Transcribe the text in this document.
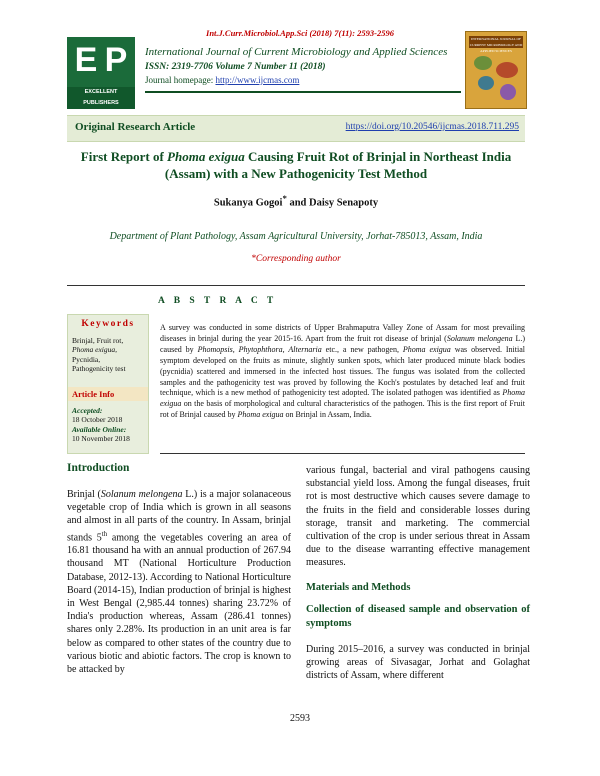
Int.J.Curr.Microbiol.App.Sci (2018) 7(11): 2593-2596
E P
EXCELLENT
PUBLISHERS
International Journal of Current Microbiology and Applied Sciences
ISSN: 2319-7706 Volume 7 Number 11 (2018)
Journal homepage: http://www.ijcmas.com
INTERNATIONAL JOURNAL OF CURRENT MICROBIOLOGY AND APPLIED SCIENCES
Original Research Article	https://doi.org/10.20546/ijcmas.2018.711.295
First Report of Phoma exigua Causing Fruit Rot of Brinjal in Northeast India (Assam) with a New Pathogenicity Test Method
Sukanya Gogoi* and Daisy Senapoty
Department of Plant Pathology, Assam Agricultural University, Jorhat-785013, Assam, India
*Corresponding author
A B S T R A C T
Keywords
Brinjal, Fruit rot,
Phoma exigua,
Pycnidia,
Pathogenicity test
Article Info
Accepted:
18 October 2018
Available Online:
10 November 2018
A survey was conducted in some districts of Upper Brahmaputra Valley Zone of Assam for most prevailing diseases in brinjal during the year 2015-16. Apart from the fruit rot disease of brinjal (Solanum melongena L.) caused by Phomopsis, Phytophthora, Alternaria etc., a new pathogen, Phoma exigua was observed. Initial symptom developed on the fruits as minute, slightly sunken spots, which later produced minute black bodies (pycnidia) scattered and immersed in the infected host tissues. The fungus was isolated from the collected samples and the pathogenicity test was proved by following the Koch's postulates by detached leaf and fruit technique, which is a new method of pathogenicity test adopted. The isolated pathogen was identified as Phoma exigua on the basis of morphological and cultural characteristics of the pathogen. This is the first report of Fruit rot of Brinjal caused by Phoma exigua on Brinjal in Assam, India.
Introduction
Brinjal (Solanum melongena L.) is a major solanaceous vegetable crop of India which is grown in all seasons and almost in all parts of the country. In Assam, brinjal stands 5th among the vegetables covering an area of 16.81 thousand ha with an annual production of 267.94 thousand MT (National Horticulture Production Database, 2012-13). According to National Horticulture Board (2014-15), Indian production of brinjal is highest in West Bengal (2,985.44 tonnes) sharing 23.72% of India's production whereas, Assam (286.41 tonnes) shares only 2.28%. Its production in an unit area is far below as compared to other states of the country due to various biotic and abiotic factors. The crop is known to be attacked by
various fungal, bacterial and viral pathogens causing substancial yield loss. Among the fungal diseases, fruit rot is most destructive which causes severe damage to the fruits in the field and considerable losses during storage, transit and marketing. The commercial cultivation of the crop is under serious threat in Assam due to the disease warranting effective management measures.
Materials and Methods
Collection of diseased sample and observation of symptoms
During 2015–2016, a survey was conducted in brinjal growing areas of Sivasagar, Jorhat and Golaghat districts of Assam, where different
2593
